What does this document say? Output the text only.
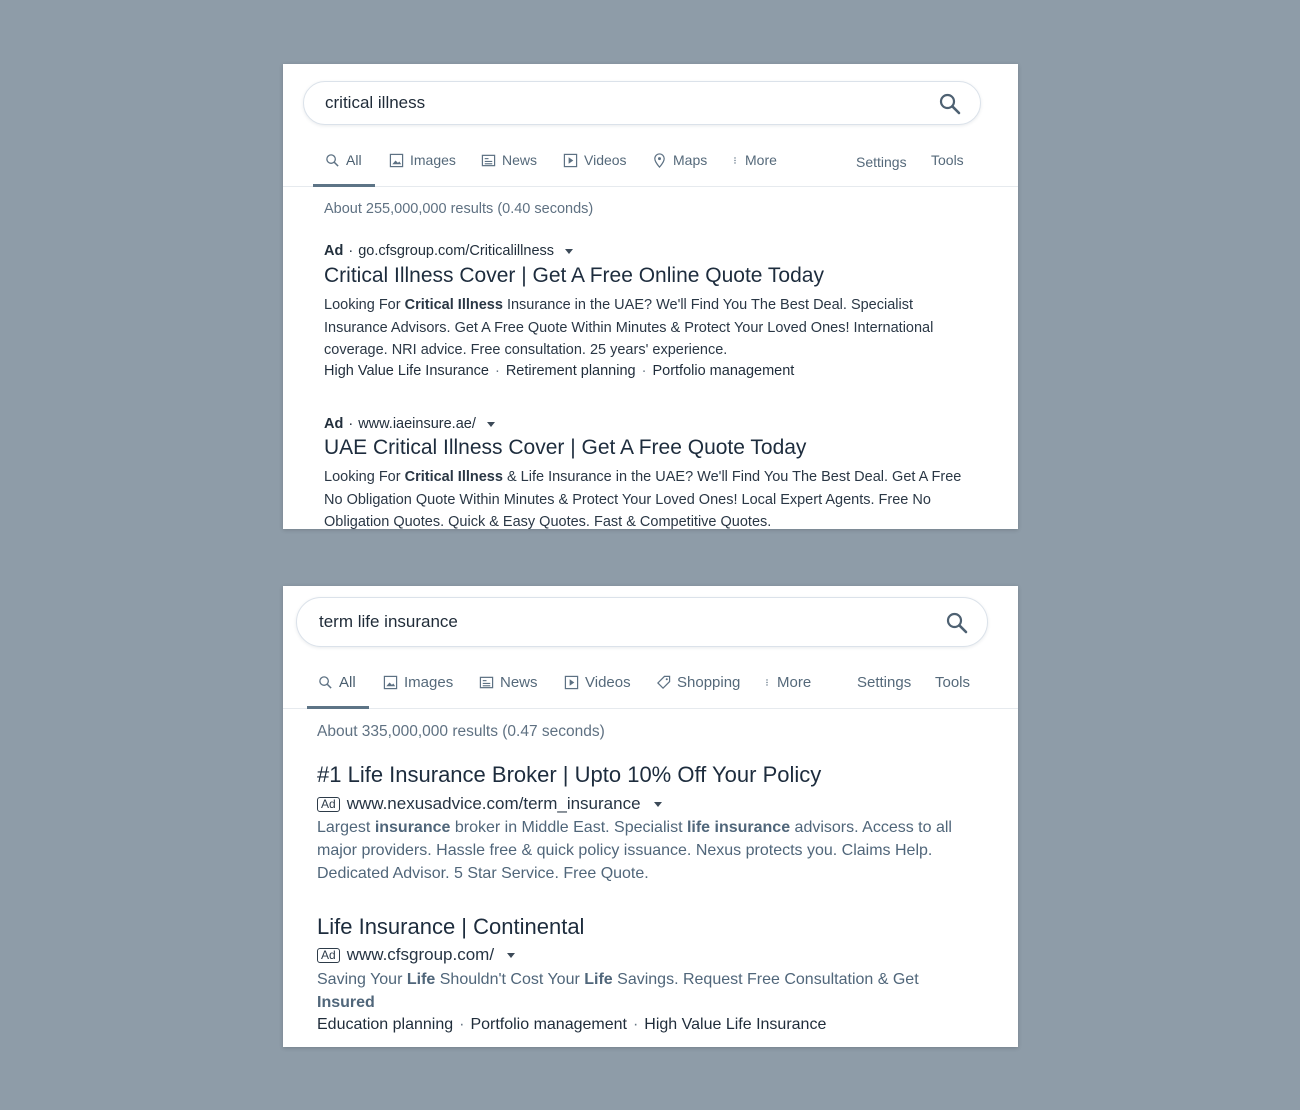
critical illness
All	Images	News	Videos	Maps	More	Settings Tools
About 255,000,000 results (0.40 seconds)
Ad · go.cfsgroup.com/Criticalillness
Critical Illness Cover | Get A Free Online Quote Today
Looking For Critical Illness Insurance in the UAE? We'll Find You The Best Deal. Specialist Insurance Advisors. Get A Free Quote Within Minutes & Protect Your Loved Ones! International coverage. NRI advice. Free consultation. 25 years' experience.
High Value Life Insurance · Retirement planning · Portfolio management
Ad · www.iaeinsure.ae/
UAE Critical Illness Cover | Get A Free Quote Today
Looking For Critical Illness & Life Insurance in the UAE? We'll Find You The Best Deal. Get A Free No Obligation Quote Within Minutes & Protect Your Loved Ones! Local Expert Agents. Free No Obligation Quotes. Quick & Easy Quotes. Fast & Competitive Quotes.
term life insurance
All	Images	News	Videos	Shopping More	Settings Tools
About 335,000,000 results (0.47 seconds)
#1 Life Insurance Broker | Upto 10% Off Your Policy
Ad www.nexusadvice.com/term_insurance
Largest insurance broker in Middle East. Specialist life insurance advisors. Access to all major providers. Hassle free & quick policy issuance. Nexus protects you. Claims Help. Dedicated Advisor. 5 Star Service. Free Quote.
Life Insurance | Continental
Ad www.cfsgroup.com/
Saving Your Life Shouldn't Cost Your Life Savings. Request Free Consultation & Get
Insured
Education planning · Portfolio management · High Value Life Insurance
